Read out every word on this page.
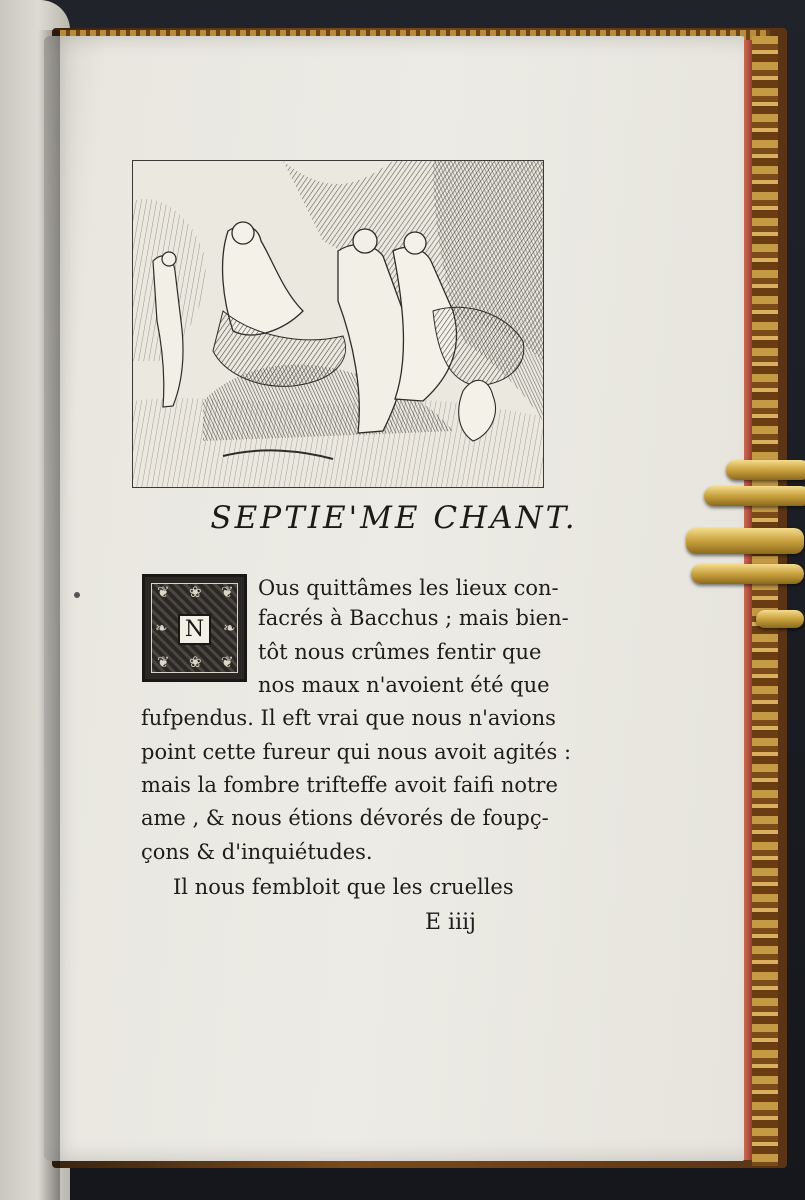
SEPTIE'ME CHANT.
❦ ❀ ❦
❦ ❀ ❦
❧	❧
N
Ous quittâmes les lieux con-
facrés à Bacchus ; mais bien-
tôt nous crûmes fentir que
nos maux n'avoient été que
fufpendus. Il eft vrai que nous n'avions
point cette fureur qui nous avoit agités :
mais la fombre trifteffe avoit faifi notre
ame , & nous étions dévorés de foupç-
çons & d'inquiétudes.
Il nous fembloit que les cruelles
E iiij
